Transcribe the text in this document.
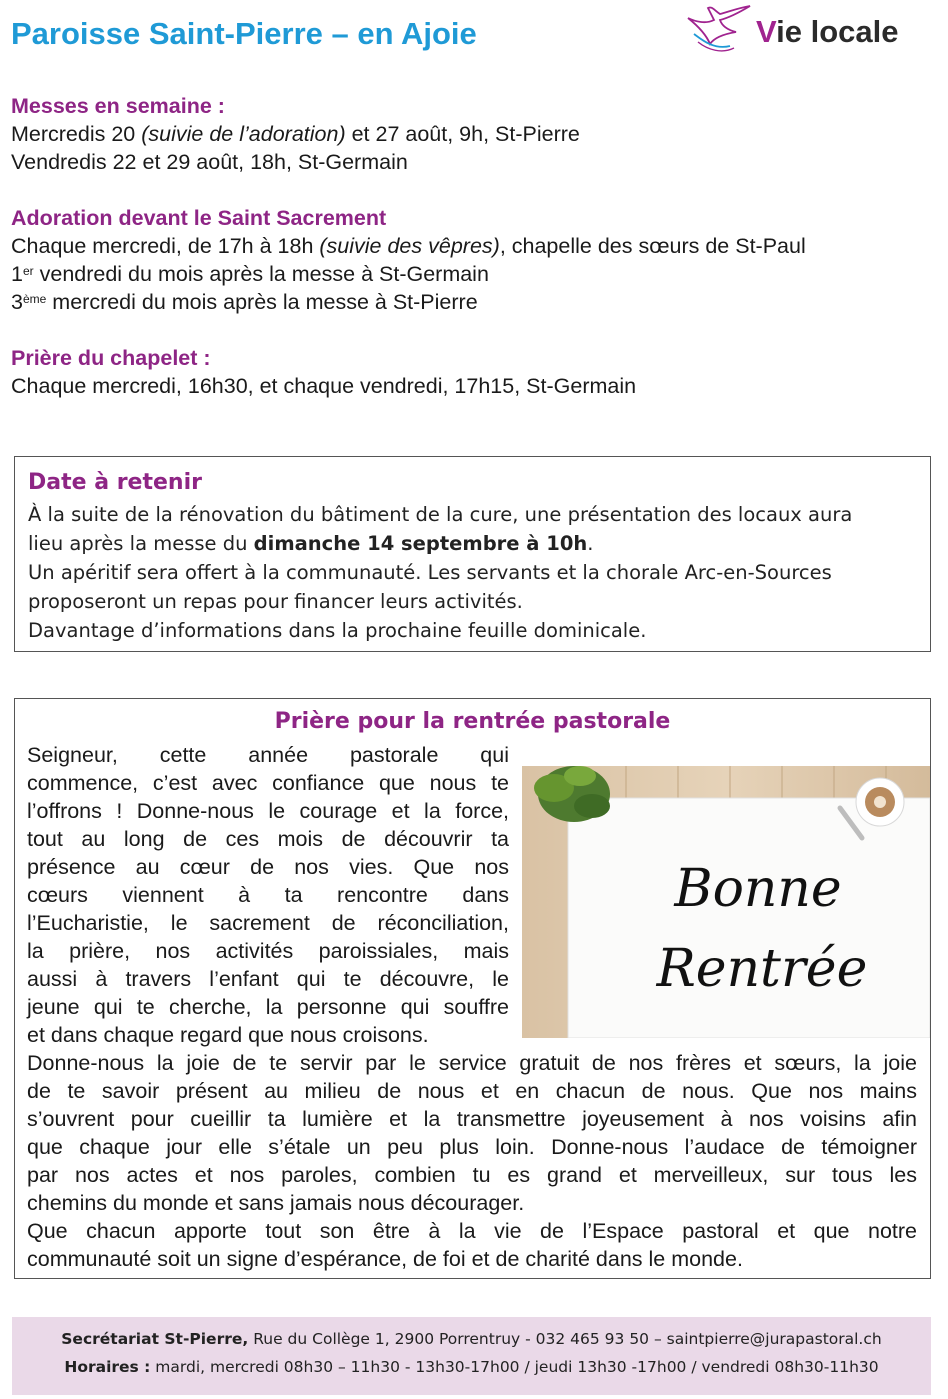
Paroisse Saint-Pierre – en Ajoie	Vie locale
Messes en semaine :
Mercredis 20 (suivie de l’adoration) et 27 août, 9h, St-Pierre
Vendredis 22 et 29 août, 18h, St-Germain
Adoration devant le Saint Sacrement
Chaque mercredi, de 17h à 18h (suivie des vêpres), chapelle des sœurs de St-Paul
1er vendredi du mois après la messe à St-Germain
3ème mercredi du mois après la messe à St-Pierre
Prière du chapelet :
Chaque mercredi, 16h30, et chaque vendredi, 17h15, St-Germain
Date à retenir
À la suite de la rénovation du bâtiment de la cure, une présentation des locaux aura
lieu après la messe du dimanche 14 septembre à 10h.
Un apéritif sera offert à la communauté. Les servants et la chorale Arc-en-Sources
proposeront un repas pour financer leurs activités.
Davantage d’informations dans la prochaine feuille dominicale.
Prière pour la rentrée pastorale
Seigneur, cette année pastorale qui
commence, c’est avec confiance que nous te
l’offrons ! Donne-nous le courage et la force,
tout au long de ces mois de découvrir ta
présence au cœur de nos vies. Que nos
cœurs viennent à ta rencontre dans
l’Eucharistie, le sacrement de réconciliation,
la prière, nos activités paroissiales, mais
aussi à travers l’enfant qui te découvre, le
jeune qui te cherche, la personne qui souffre
et dans chaque regard que nous croisons.
Bonne
Rentrée
Donne-nous la joie de te servir par le service gratuit de nos frères et sœurs, la joie
de te savoir présent au milieu de nous et en chacun de nous. Que nos mains
s’ouvrent pour cueillir ta lumière et la transmettre joyeusement à nos voisins afin
que chaque jour elle s’étale un peu plus loin. Donne-nous l’audace de témoigner
par nos actes et nos paroles, combien tu es grand et merveilleux, sur tous les
chemins du monde et sans jamais nous décourager.
Que chacun apporte tout son être à la vie de l’Espace pastoral et que notre
communauté soit un signe d’espérance, de foi et de charité dans le monde.
Secrétariat St-Pierre, Rue du Collège 1, 2900 Porrentruy - 032 465 93 50 – saintpierre@jurapastoral.ch
Horaires : mardi, mercredi 08h30 – 11h30 - 13h30-17h00 / jeudi 13h30 -17h00 / vendredi 08h30-11h30
